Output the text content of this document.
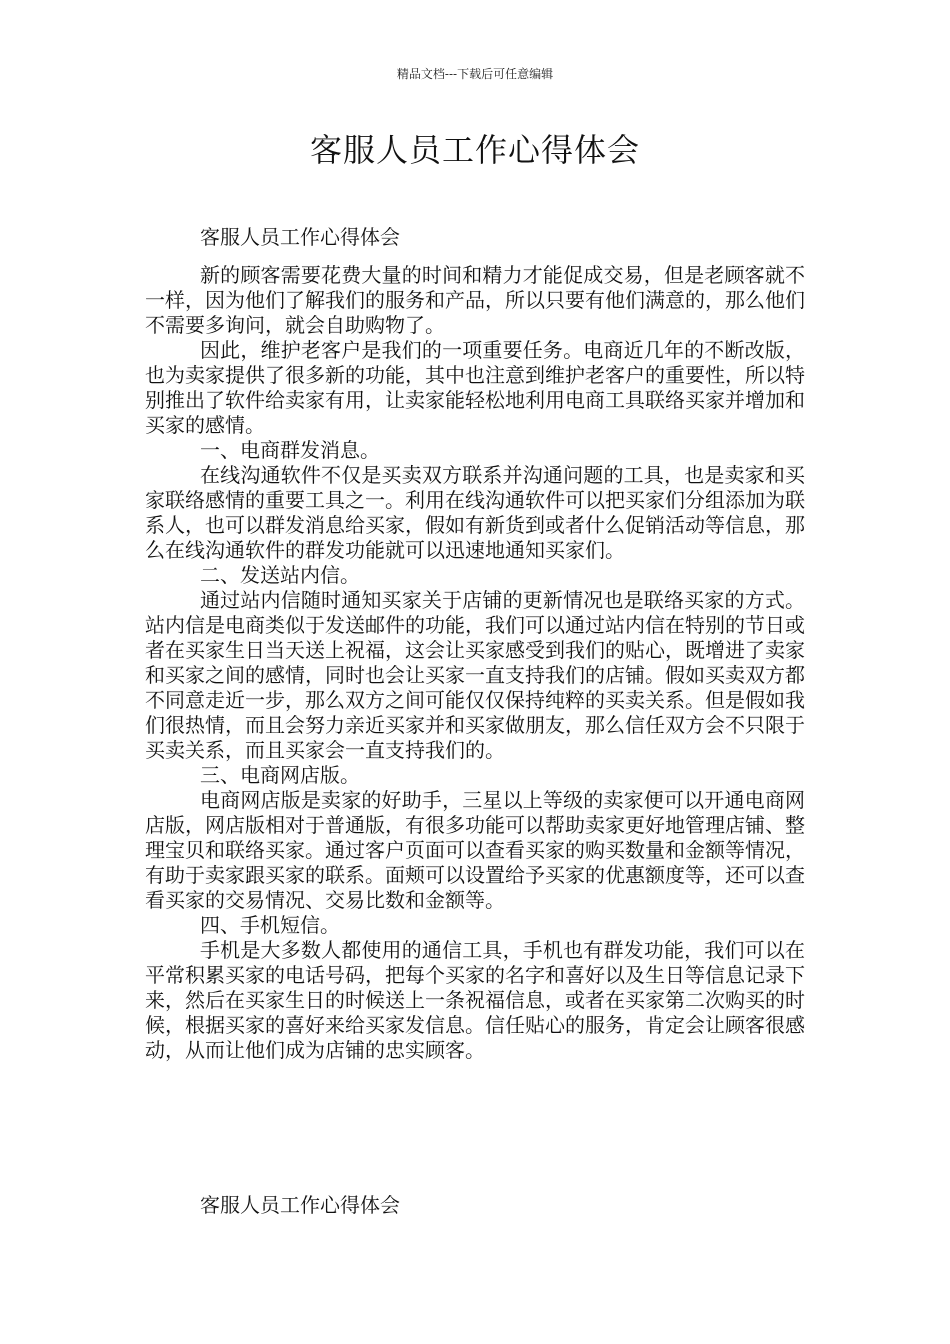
精品文档---下载后可任意编辑
客服人员工作心得体会
客服人员工作心得体会

新的顾客需要花费大量的时间和精力才能促成交易，但是老顾客就不一样，因为他们了解我们的服务和产品，所以只要有他们满意的，那么他们不需要多询问，就会自助购物了。

因此，维护老客户是我们的一项重要任务。电商近几年的不断改版，也为卖家提供了很多新的功能，其中也注意到维护老客户的重要性，所以特别推出了软件给卖家有用，让卖家能轻松地利用电商工具联络买家并增加和买家的感情。

一、电商群发消息。

在线沟通软件不仅是买卖双方联系并沟通问题的工具，也是卖家和买家联络感情的重要工具之一。利用在线沟通软件可以把买家们分组添加为联系人，也可以群发消息给买家，假如有新货到或者什么促销活动等信息，那么在线沟通软件的群发功能就可以迅速地通知买家们。

二、发送站内信。

通过站内信随时通知买家关于店铺的更新情况也是联络买家的方式。站内信是电商类似于发送邮件的功能，我们可以通过站内信在特别的节日或者在买家生日当天送上祝福，这会让买家感受到我们的贴心，既增进了卖家和买家之间的感情，同时也会让买家一直支持我们的店铺。假如买卖双方都不同意走近一步，那么双方之间可能仅仅保持纯粹的买卖关系。但是假如我们很热情，而且会努力亲近买家并和买家做朋友，那么信任双方会不只限于买卖关系，而且买家会一直支持我们的。

三、电商网店版。

电商网店版是卖家的好助手，三星以上等级的卖家便可以开通电商网店版，网店版相对于普通版，有很多功能可以帮助卖家更好地管理店铺、整理宝贝和联络买家。通过客户页面可以查看买家的购买数量和金额等情况，有助于卖家跟买家的联系。面颊可以设置给予买家的优惠额度等，还可以查看买家的交易情况、交易比数和金额等。

四、手机短信。

手机是大多数人都使用的通信工具，手机也有群发功能，我们可以在平常积累买家的电话号码，把每个买家的名字和喜好以及生日等信息记录下来，然后在买家生日的时候送上一条祝福信息，或者在买家第二次购买的时候，根据买家的喜好来给买家发信息。信任贴心的服务，肯定会让顾客很感动，从而让他们成为店铺的忠实顾客。

客服人员工作心得体会
